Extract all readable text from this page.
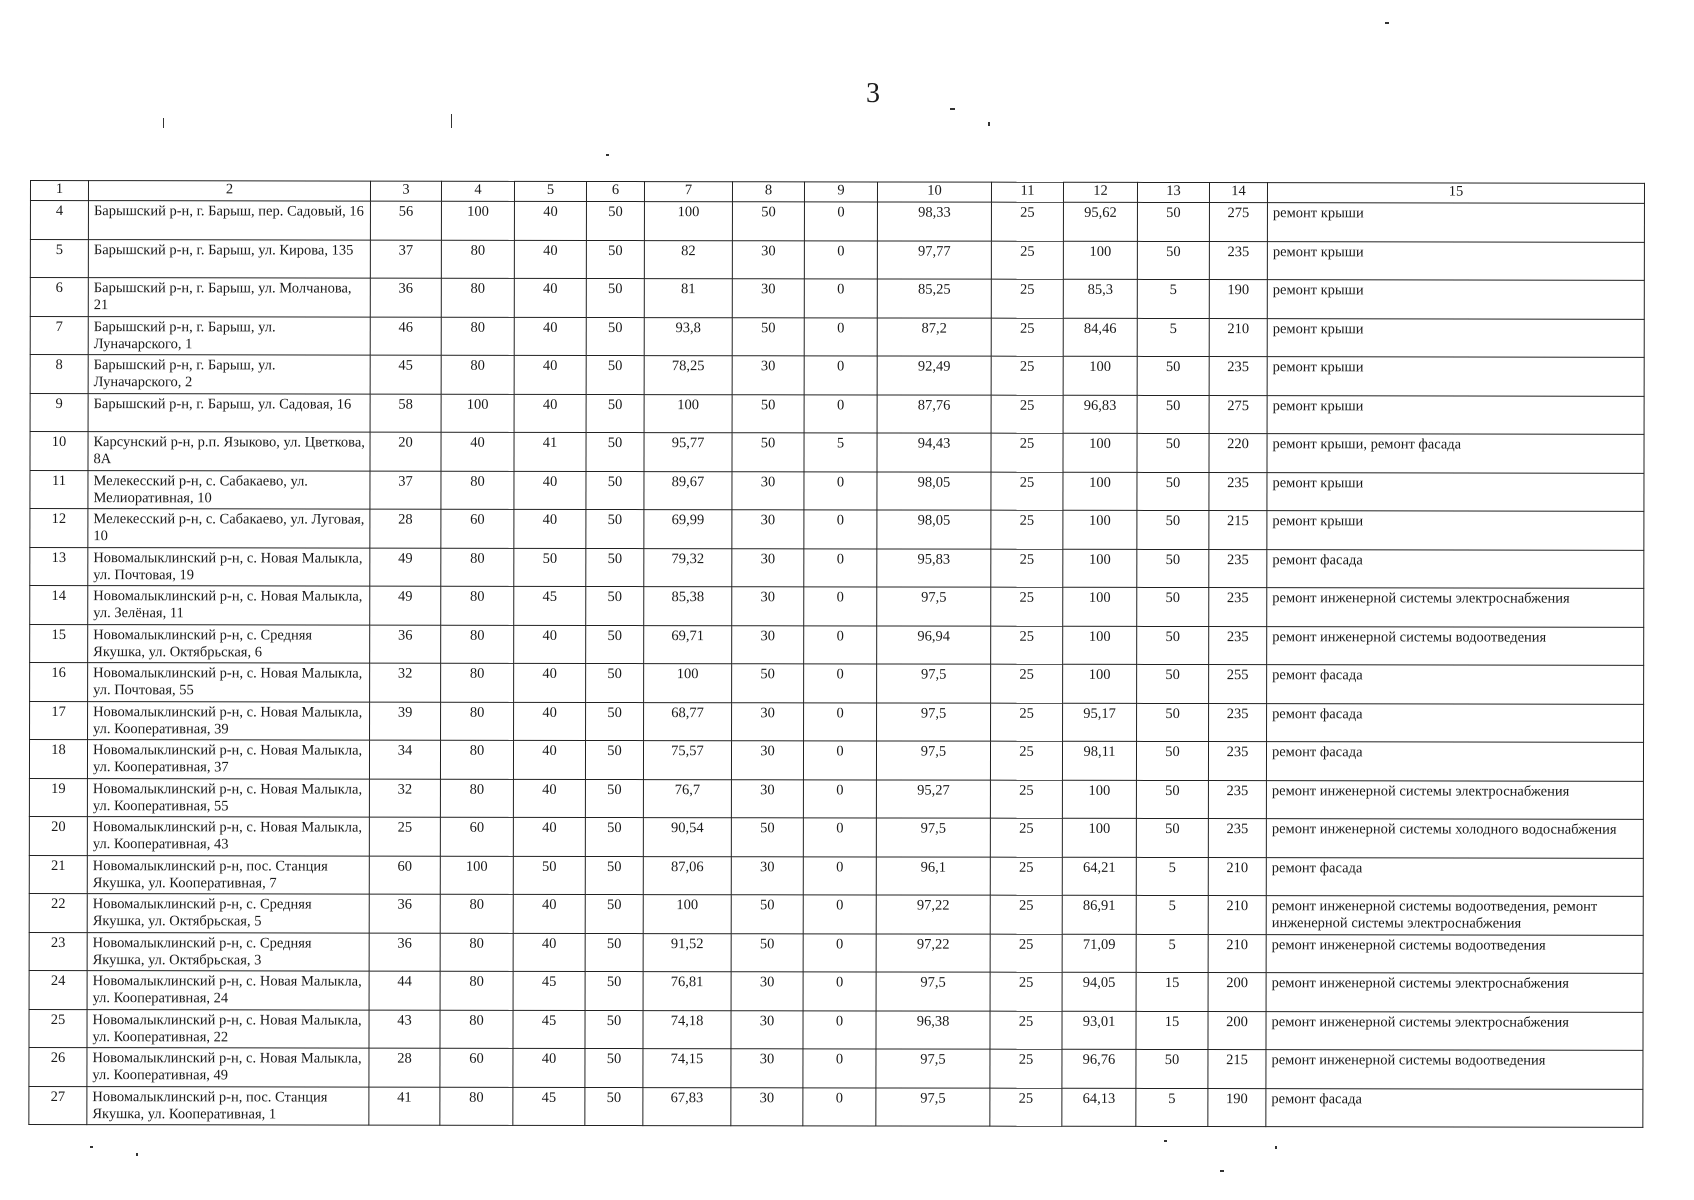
3
1	2	3	4	5	6	7	8	9	10	11	12	13	14	15
4	Барышский р-н, г. Барыш, пер. Садовый, 16	56	100	40	50	100	50	0	98,33	25	95,62	50	275	ремонт крыши
5	Барышский р-н, г. Барыш, ул. Кирова, 135	37	80	40	50	82	30	0	97,77	25	100	50	235	ремонт крыши
6	Барышский р-н, г. Барыш, ул. Молчанова, 21	36	80	40	50	81	30	0	85,25	25	85,3	5	190	ремонт крыши
7	Барышский р-н, г. Барыш, ул. Луначарского, 1	46	80	40	50	93,8	50	0	87,2	25	84,46	5	210	ремонт крыши
8	Барышский р-н, г. Барыш, ул. Луначарского, 2	45	80	40	50	78,25	30	0	92,49	25	100	50	235	ремонт крыши
9	Барышский р-н, г. Барыш, ул. Садовая, 16	58	100	40	50	100	50	0	87,76	25	96,83	50	275	ремонт крыши
10	Карсунский р-н, р.п. Языково, ул. Цветкова, 8А	20	40	41	50	95,77	50	5	94,43	25	100	50	220	ремонт крыши, ремонт фасада
11	Мелекесский р-н, с. Сабакаево, ул. Мелиоративная, 10	37	80	40	50	89,67	30	0	98,05	25	100	50	235	ремонт крыши
12	Мелекесский р-н, с. Сабакаево, ул. Луговая, 10	28	60	40	50	69,99	30	0	98,05	25	100	50	215	ремонт крыши
13	Новомалыклинский р-н, с. Новая Малыкла, ул. Почтовая, 19	49	80	50	50	79,32	30	0	95,83	25	100	50	235	ремонт фасада
14	Новомалыклинский р-н, с. Новая Малыкла, ул. Зелёная, 11	49	80	45	50	85,38	30	0	97,5	25	100	50	235	ремонт инженерной системы электроснабжения
15	Новомалыклинский р-н, с. Средняя Якушка, ул. Октябрьская, 6	36	80	40	50	69,71	30	0	96,94	25	100	50	235	ремонт инженерной системы водоотведения
16	Новомалыклинский р-н, с. Новая Малыкла, ул. Почтовая, 55	32	80	40	50	100	50	0	97,5	25	100	50	255	ремонт фасада
17	Новомалыклинский р-н, с. Новая Малыкла, ул. Кооперативная, 39	39	80	40	50	68,77	30	0	97,5	25	95,17	50	235	ремонт фасада
18	Новомалыклинский р-н, с. Новая Малыкла, ул. Кооперативная, 37	34	80	40	50	75,57	30	0	97,5	25	98,11	50	235	ремонт фасада
19	Новомалыклинский р-н, с. Новая Малыкла, ул. Кооперативная, 55	32	80	40	50	76,7	30	0	95,27	25	100	50	235	ремонт инженерной системы электроснабжения
20	Новомалыклинский р-н, с. Новая Малыкла, ул. Кооперативная, 43	25	60	40	50	90,54	50	0	97,5	25	100	50	235	ремонт инженерной системы холодного водоснабжения
21	Новомалыклинский р-н, пос. Станция Якушка, ул. Кооперативная, 7	60	100	50	50	87,06	30	0	96,1	25	64,21	5	210	ремонт фасада
22	Новомалыклинский р-н, с. Средняя Якушка, ул. Октябрьская, 5	36	80	40	50	100	50	0	97,22	25	86,91	5	210	ремонт инженерной системы водоотведения, ремонт инженерной системы электроснабжения
23	Новомалыклинский р-н, с. Средняя Якушка, ул. Октябрьская, 3	36	80	40	50	91,52	50	0	97,22	25	71,09	5	210	ремонт инженерной системы водоотведения
24	Новомалыклинский р-н, с. Новая Малыкла, ул. Кооперативная, 24	44	80	45	50	76,81	30	0	97,5	25	94,05	15	200	ремонт инженерной системы электроснабжения
25	Новомалыклинский р-н, с. Новая Малыкла, ул. Кооперативная, 22	43	80	45	50	74,18	30	0	96,38	25	93,01	15	200	ремонт инженерной системы электроснабжения
26	Новомалыклинский р-н, с. Новая Малыкла, ул. Кооперативная, 49	28	60	40	50	74,15	30	0	97,5	25	96,76	50	215	ремонт инженерной системы водоотведения
27	Новомалыклинский р-н, пос. Станция Якушка, ул. Кооперативная, 1	41	80	45	50	67,83	30	0	97,5	25	64,13	5	190	ремонт фасада
